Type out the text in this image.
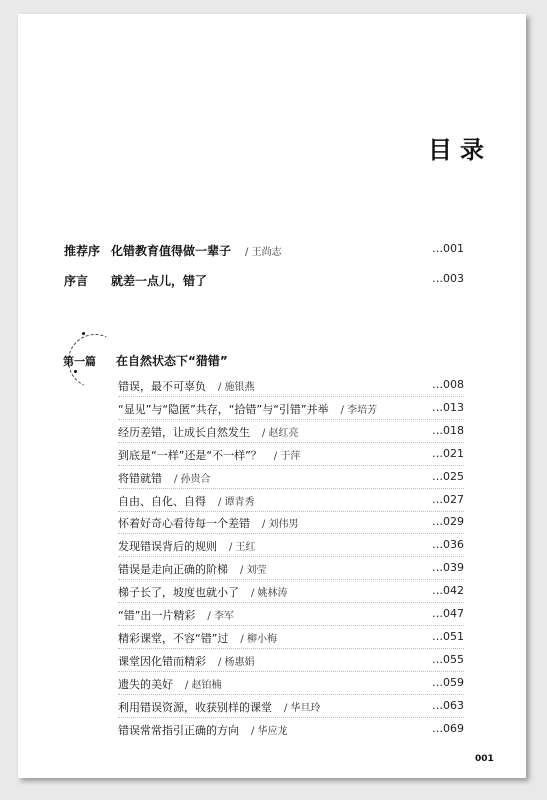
目录
推荐序 化错教育值得做一辈子 / 王尚志	…001
序言 就差一点儿，错了	…003
第一篇 在自然状态下“猎错”
错误，最不可辜负 / 施银燕	…008
“显见”与“隐匿”共存，“拾错”与“引错”并举 / 李培芳	…013
经历差错，让成长自然发生 / 赵红亮	…018
到底是“一样”还是“不一样”？ / 于萍	…021
将错就错 / 孙贵合	…025
自由、自化、自得 / 谭青秀	…027
怀着好奇心看待每一个差错 / 刘伟男	…029
发现错误背后的规则 / 王红	…036
错误是走向正确的阶梯 / 刘莹	…039
梯子长了，坡度也就小了 / 姚林涛	…042
“错”出一片精彩 / 李军	…047
精彩课堂，不容“错”过 / 柳小梅	…051
课堂因化错而精彩 / 杨惠娟	…055
遗失的美好 / 赵铂楠	…059
利用错误资源，收获别样的课堂 / 华旦玲	…063
错误常常指引正确的方向 / 华应龙	…069
001
